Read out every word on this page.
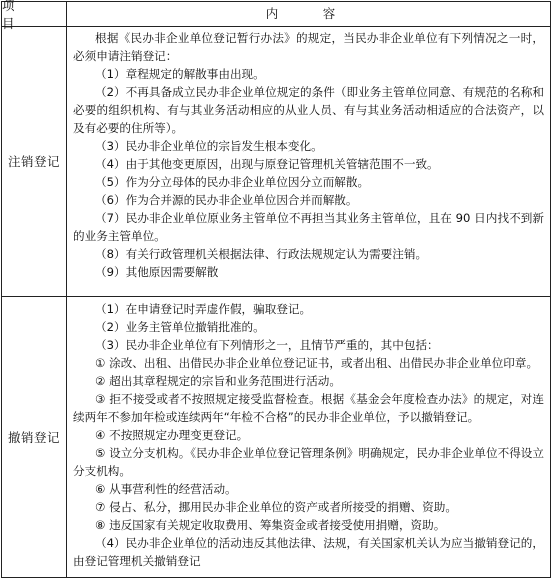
项　目
内　容
注销登记
根据《民办非企业单位登记暂行办法》的规定，当民办非企业单位有下列情况之一时，必须申请注销登记：
（1）章程规定的解散事由出现。
（2）不再具备成立民办非企业单位规定的条件（即业务主管单位同意、有规范的名称和必要的组织机构、有与其业务活动相应的从业人员、有与其业务活动相适应的合法资产，以及有必要的住所等）。
（3）民办非企业单位的宗旨发生根本变化。
（4）由于其他变更原因，出现与原登记管理机关管辖范围不一致。
（5）作为分立母体的民办非企业单位因分立而解散。
（6）作为合并源的民办非企业单位因合并而解散。
（7）民办非企业单位原业务主管单位不再担当其业务主管单位，且在 90 日内找不到新的业务主管单位。
（8）有关行政管理机关根据法律、行政法规规定认为需要注销。
（9）其他原因需要解散
撤销登记
（1）在申请登记时弄虚作假，骗取登记。
（2）业务主管单位撤销批准的。
（3）民办非企业单位有下列情形之一，且情节严重的，其中包括：
① 涂改、出租、出借民办非企业单位登记证书，或者出租、出借民办非企业单位印章。
② 超出其章程规定的宗旨和业务范围进行活动。
③ 拒不接受或者不按照规定接受监督检查。根据《基金会年度检查办法》的规定，对连续两年不参加年检或连续两年“年检不合格”的民办非企业单位，予以撤销登记。
④ 不按照规定办理变更登记。
⑤ 设立分支机构。《民办非企业单位登记管理条例》明确规定，民办非企业单位不得设立分支机构。
⑥ 从事营利性的经营活动。
⑦ 侵占、私分，挪用民办非企业单位的资产或者所接受的捐赠、资助。
⑧ 违反国家有关规定收取费用、筹集资金或者接受使用捐赠，资助。
（4）民办非企业单位的活动违反其他法律、法规，有关国家机关认为应当撤销登记的，由登记管理机关撤销登记
